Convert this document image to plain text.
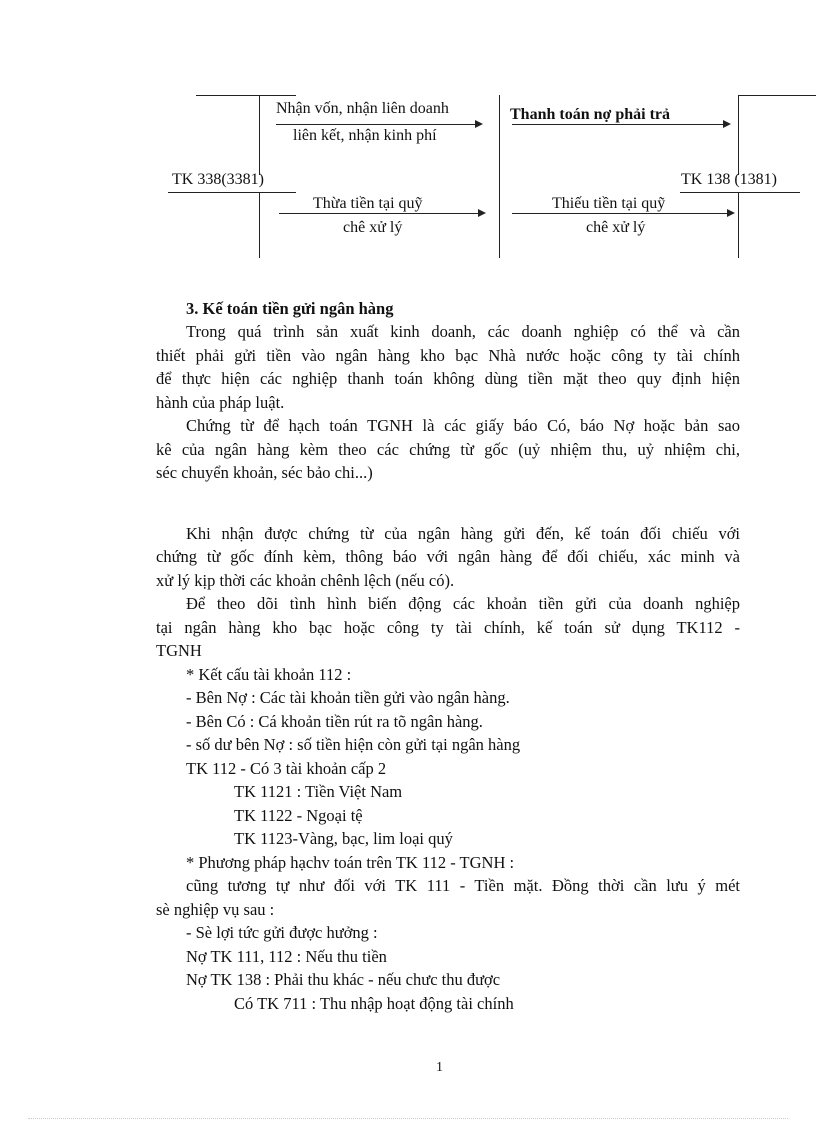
Nhận vốn, nhận liên doanh
liên kết, nhận kinh phí
Thanh toán nợ phải trả
TK 338(3381)	TK 138 (1381)
Thừa tiền tại quỹ
chê xử lý
Thiếu tiền tại quỹ
chê xử lý
3. Kế toán tiền gửi ngân hàng
Trong quá trình sản xuất kinh doanh, các doanh nghiệp có thể và cần
thiết phải gửi tiền vào ngân hàng kho bạc Nhà nước hoặc công ty tài chính
để thực hiện các nghiệp thanh toán không dùng tiền mặt theo quy định hiện
hành của pháp luật.
Chứng từ để hạch toán TGNH là các giấy báo Có, báo Nợ hoặc bản sao
kê của ngân hàng kèm theo các chứng từ gốc (uỷ nhiệm thu, uỷ nhiệm chi,
séc chuyển khoản, séc bảo chi...)
Khi nhận được chứng từ của ngân hàng gửi đến, kế toán đối chiếu với
chứng từ gốc đính kèm, thông báo với ngân hàng để đối chiếu, xác minh và
xử lý kịp thời các khoản chênh lệch (nếu có).
Để theo dõi tình hình biến động các khoản tiền gửi của doanh nghiệp
tại ngân hàng kho bạc hoặc công ty tài chính, kế toán sử dụng TK112 -
TGNH
* Kết cấu tài khoản 112 :
- Bên Nợ : Các tài khoản tiền gửi vào ngân hàng.
- Bên Có : Cá khoản tiền rút ra tõ ngân hàng.
- số dư bên Nợ : số tiền hiện còn gửi tại ngân hàng
TK 112 - Có 3 tài khoản cấp 2
TK 1121 : Tiền Việt Nam
TK 1122 - Ngoại tệ
TK 1123-Vàng, bạc, lim loại quý
* Phương pháp hạchv toán trên TK 112 - TGNH :
cũng tương tự như đối với TK 111 - Tiền mặt. Đồng thời cần lưu ý mét
sè nghiệp vụ sau :
- Sè lợi tức gửi được hưởng :
Nợ TK 111, 112 : Nếu thu tiền
Nợ TK 138 : Phải thu khác - nếu chưc thu được
Có TK 711 : Thu nhập hoạt động tài chính
1
